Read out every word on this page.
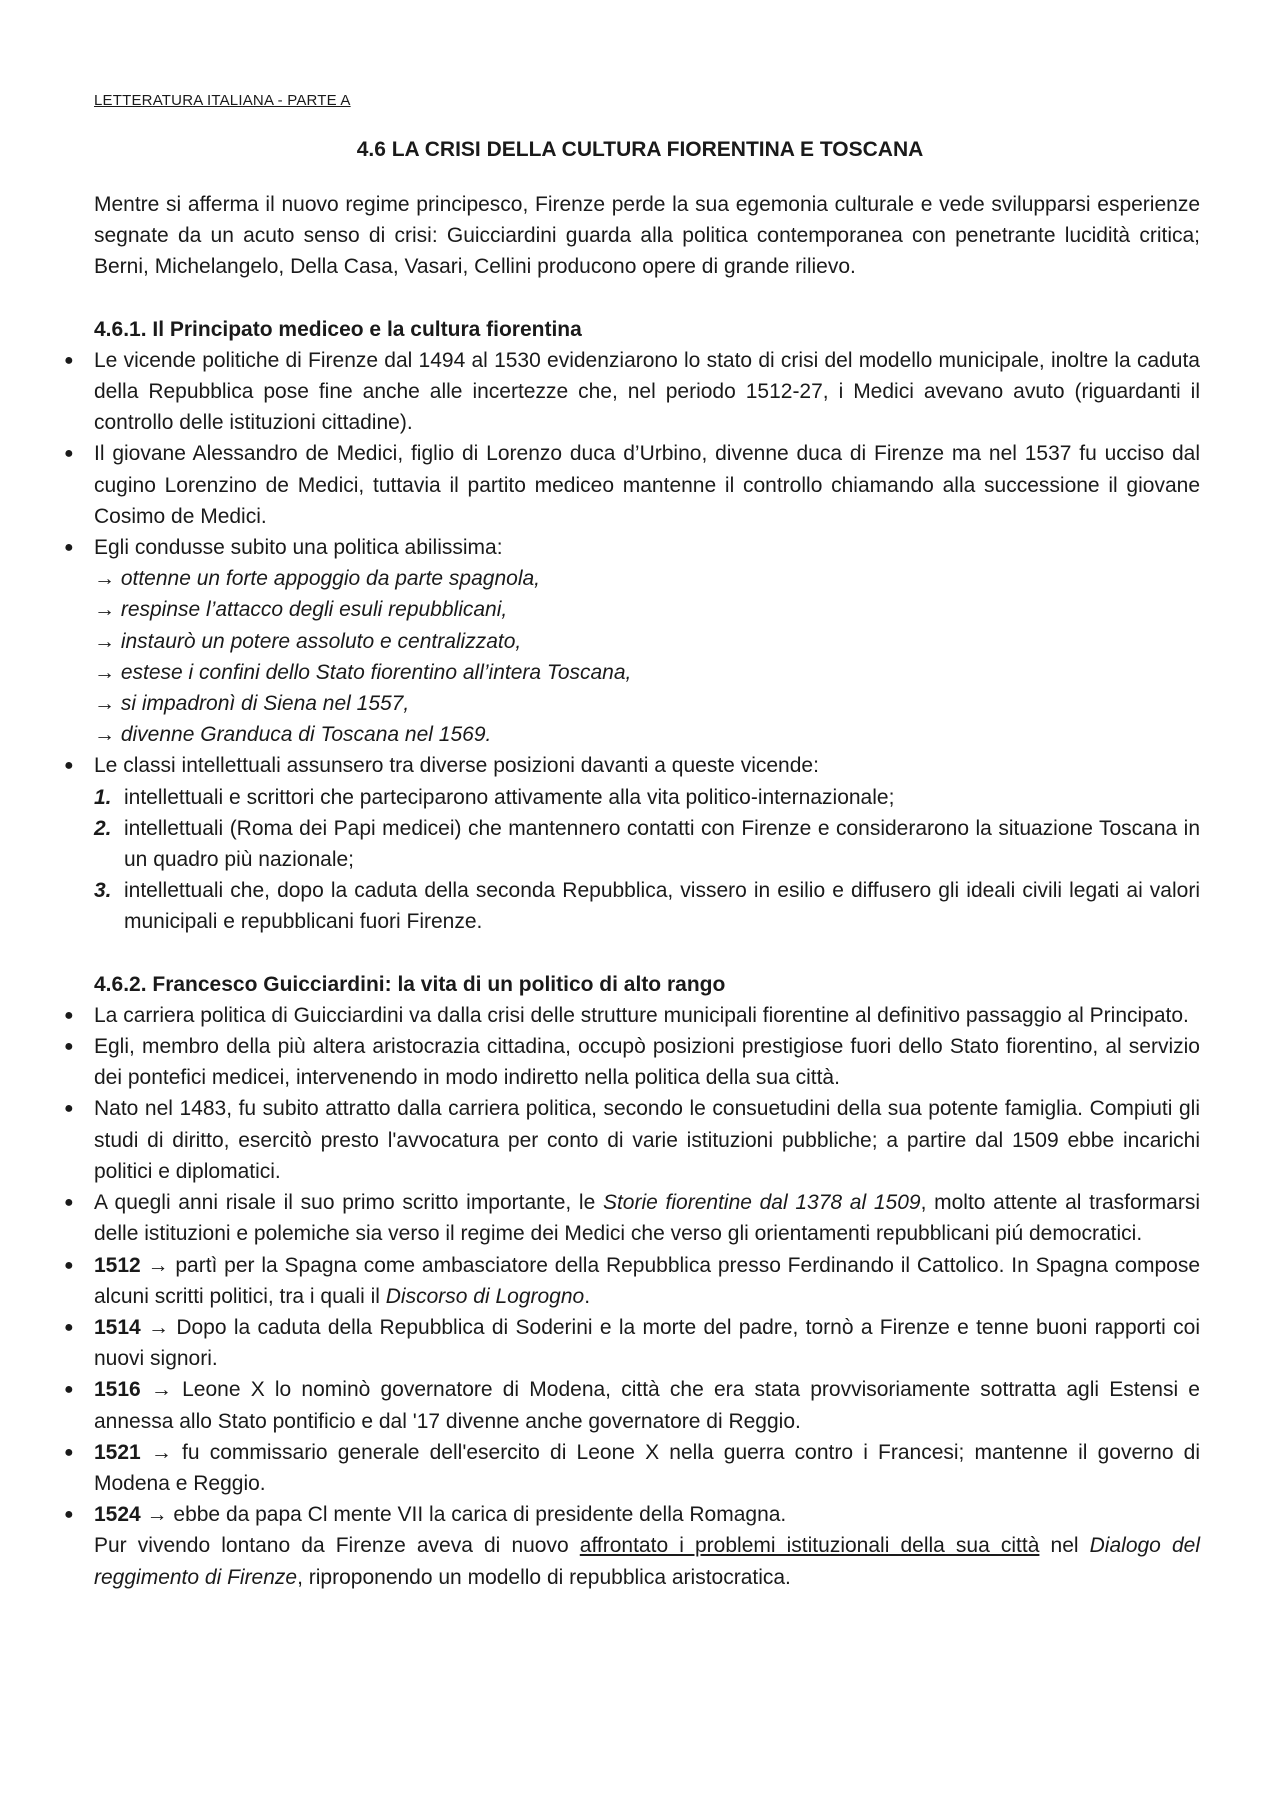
LETTERATURA ITALIANA - PARTE A
4.6 LA CRISI DELLA CULTURA FIORENTINA E TOSCANA

Mentre si afferma il nuovo regime principesco, Firenze perde la sua egemonia culturale e vede svilupparsi esperienze segnate da un acuto senso di crisi: Guicciardini guarda alla politica contemporanea con penetrante lucidità critica; Berni, Michelangelo, Della Casa, Vasari, Cellini producono opere di grande rilievo.

4.6.1. Il Principato mediceo e la cultura fiorentina

● Le vicende politiche di Firenze dal 1494 al 1530 evidenziarono lo stato di crisi del modello municipale, inoltre la caduta della Repubblica pose fine anche alle incertezze che, nel periodo 1512-27, i Medici avevano avuto (riguardanti il controllo delle istituzioni cittadine).
● Il giovane Alessandro de Medici, figlio di Lorenzo duca d’Urbino, divenne duca di Firenze ma nel 1537 fu ucciso dal cugino Lorenzino de Medici, tuttavia il partito mediceo mantenne il controllo chiamando alla successione il giovane Cosimo de Medici.
● Egli condusse subito una politica abilissima:
→ ottenne un forte appoggio da parte spagnola,
→ respinse l’attacco degli esuli repubblicani,
→ instaurò un potere assoluto e centralizzato,
→ estese i confini dello Stato fiorentino all’intera Toscana,
→ si impadronì di Siena nel 1557,
→ divenne Granduca di Toscana nel 1569.
● Le classi intellettuali assunsero tra diverse posizioni davanti a queste vicende:
1. intellettuali e scrittori che parteciparono attivamente alla vita politico-internazionale;
2. intellettuali (Roma dei Papi medicei) che mantennero contatti con Firenze e considerarono la situazione Toscana in un quadro più nazionale;
3. intellettuali che, dopo la caduta della seconda Repubblica, vissero in esilio e diffusero gli ideali civili legati ai valori municipali e repubblicani fuori Firenze.

4.6.2. Francesco Guicciardini: la vita di un politico di alto rango

● La carriera politica di Guicciardini va dalla crisi delle strutture municipali fiorentine al definitivo passaggio al Principato.
● Egli, membro della più altera aristocrazia cittadina, occupò posizioni prestigiose fuori dello Stato fiorentino, al servizio dei pontefici medicei, intervenendo in modo indiretto nella politica della sua città.
● Nato nel 1483, fu subito attratto dalla carriera politica, secondo le consuetudini della sua potente famiglia. Compiuti gli studi di diritto, esercitò presto l'avvocatura per conto di varie istituzioni pubbliche; a partire dal 1509 ebbe incarichi politici e diplomatici.
● A quegli anni risale il suo primo scritto importante, le Storie fiorentine dal 1378 al 1509, molto attente al trasformarsi delle istituzioni e polemiche sia verso il regime dei Medici che verso gli orientamenti repubblicani piú democratici.
● 1512 → partì per la Spagna come ambasciatore della Repubblica presso Ferdinando il Cattolico. In Spagna compose alcuni scritti politici, tra i quali il Discorso di Logrogno.
● 1514 → Dopo la caduta della Repubblica di Soderini e la morte del padre, tornò a Firenze e tenne buoni rapporti coi nuovi signori.
● 1516 → Leone X lo nominò governatore di Modena, città che era stata provvisoriamente sottratta agli Estensi e annessa allo Stato pontificio e dal '17 divenne anche governatore di Reggio.
● 1521 → fu commissario generale dell'esercito di Leone X nella guerra contro i Francesi; mantenne il governo di Modena e Reggio.
● 1524 → ebbe da papa Cl mente VII la carica di presidente della Romagna.
Pur vivendo lontano da Firenze aveva di nuovo affrontato i problemi istituzionali della sua città nel Dialogo del reggimento di Firenze, riproponendo un modello di repubblica aristocratica.
